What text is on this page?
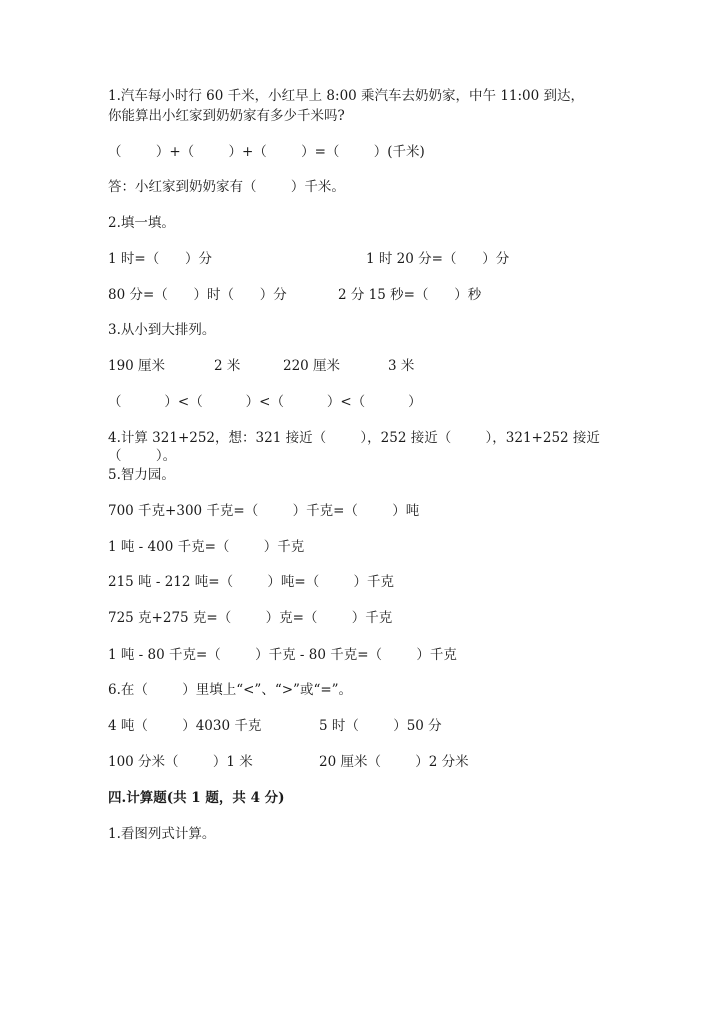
1.汽车每小时行 60 千米，小红早上 8:00 乘汽车去奶奶家，中午 11:00 到达，
你能算出小红家到奶奶家有多少千米吗?
（        ）+（        ）+（        ）=（        ）(千米)
答：小红家到奶奶家有（        ）千米。
2.填一填。
1 时=（      ）分	1 时 20 分=（      ）分
80 分=（      ）时（      ）分	2 分 15 秒=（      ）秒
3.从小到大排列。
190 厘米	2 米	220 厘米	3 米
（          ）<（          ）<（          ）<（          ）
4.计算 321+252，想：321 接近（        ），252 接近（        ），321+252 接近
（        ）。
5.智力园。
700 千克+300 千克=（        ）千克=（        ）吨
1 吨 - 400 千克=（        ）千克
215 吨 - 212 吨=（        ）吨=（        ）千克
725 克+275 克=（        ）克=（        ）千克
1 吨 - 80 千克=（        ）千克 - 80 千克=（        ）千克
6.在（        ）里填上“<”、“>”或“=”。
4 吨（        ）4030 千克	5 时（        ）50 分
100 分米（        ）1 米	20 厘米（        ）2 分米
四.计算题(共 1 题，共 4 分)
1.看图列式计算。
